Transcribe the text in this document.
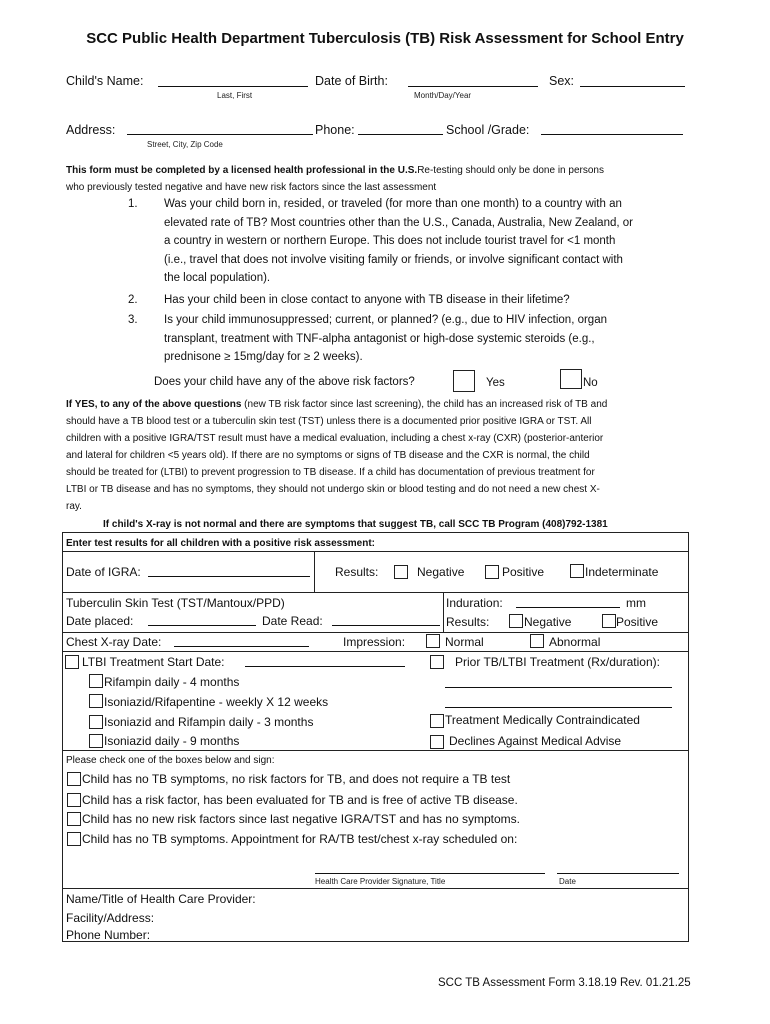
SCC Public Health Department Tuberculosis (TB) Risk Assessment for School Entry
Child's Name:
Last, First
Date of Birth:
Month/Day/Year
Sex:
Address:
Street, City, Zip Code
Phone:	School /Grade:
This form must be completed by a licensed health professional in the U.S.Re-testing should only be done in persons
who previously tested negative and have new risk factors since the last assessment
1. Was your child born in, resided, or traveled (for more than one month) to a country with an
elevated rate of TB? Most countries other than the U.S., Canada, Australia, New Zealand, or
a country in western or northern Europe. This does not include tourist travel for <1 month
(i.e., travel that does not involve visiting family or friends, or involve significant contact with
the local population).
2. Has your child been in close contact to anyone with TB disease in their lifetime?
3. Is your child immunosuppressed; current, or planned? (e.g., due to HIV infection, organ
transplant, treatment with TNF-alpha antagonist or high-dose systemic steroids (e.g.,
prednisone ≥ 15mg/day for ≥ 2 weeks).
Does your child have any of the above risk factors?	Yes	No
If YES, to any of the above questions (new TB risk factor since last screening), the child has an increased risk of TB and
should have a TB blood test or a tuberculin skin test (TST) unless there is a documented prior positive IGRA or TST. All
children with a positive IGRA/TST result must have a medical evaluation, including a chest x-ray (CXR) (posterior-anterior
and lateral for children <5 years old). If there are no symptoms or signs of TB disease and the CXR is normal, the child
should be treated for (LTBI) to prevent progression to TB disease. If a child has documentation of previous treatment for
LTBI or TB disease and has no symptoms, they should not undergo skin or blood testing and do not need a new chest X-
ray.
If child's X-ray is not normal and there are symptoms that suggest TB, call SCC TB Program (408)792-1381
Enter test results for all children with a positive risk assessment:
Date of IGRA:	Results:	Negative	Positive	Indeterminate
Tuberculin Skin Test (TST/Mantoux/PPD)	Induration:	mm
Date placed:	Date Read:	Results:	Negative	Positive
Chest X-ray Date:	Impression:	Normal	Abnormal
LTBI Treatment Start Date:	Prior TB/LTBI Treatment (Rx/duration):
Rifampin daily - 4 months
Isoniazid/Rifapentine - weekly X 12 weeks
Isoniazid and Rifampin daily - 3 months
Isoniazid daily - 9 months
Treatment Medically Contraindicated
Declines Against Medical Advise
Please check one of the boxes below and sign:
Child has no TB symptoms, no risk factors for TB, and does not require a TB test
Child has a risk factor, has been evaluated for TB and is free of active TB disease.
Child has no new risk factors since last negative IGRA/TST and has no symptoms.
Child has no TB symptoms. Appointment for RA/TB test/chest x-ray scheduled on:
Health Care Provider Signature, Title	Date
Name/Title of Health Care Provider:
Facility/Address:
Phone Number:
SCC TB Assessment Form 3.18.19 Rev. 01.21.25
